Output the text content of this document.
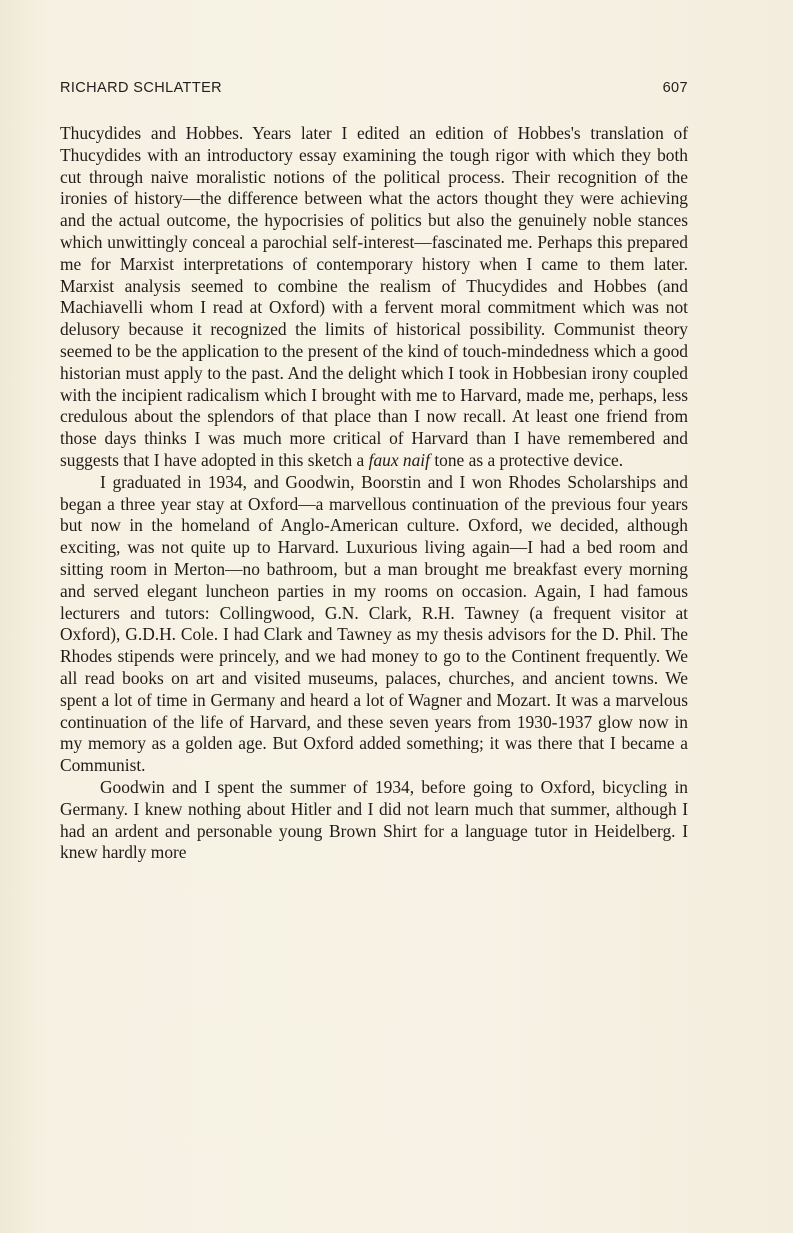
RICHARD SCHLATTER	607

Thucydides and Hobbes. Years later I edited an edition of Hobbes's translation of Thucydides with an introductory essay examining the tough rigor with which they both cut through naive moralistic notions of the political process. Their recognition of the ironies of history—the difference between what the actors thought they were achieving and the actual outcome, the hypocrisies of politics but also the genuinely noble stances which unwittingly conceal a parochial self-interest—fascinated me. Perhaps this prepared me for Marxist interpretations of contemporary history when I came to them later. Marxist analysis seemed to combine the realism of Thucydides and Hobbes (and Machiavelli whom I read at Oxford) with a fervent moral commitment which was not delusory because it recognized the limits of historical possibility. Communist theory seemed to be the application to the present of the kind of touch-mindedness which a good historian must apply to the past. And the delight which I took in Hobbesian irony coupled with the incipient radicalism which I brought with me to Harvard, made me, perhaps, less credulous about the splendors of that place than I now recall. At least one friend from those days thinks I was much more critical of Harvard than I have remembered and suggests that I have adopted in this sketch a faux naif tone as a protective device.

I graduated in 1934, and Goodwin, Boorstin and I won Rhodes Scholarships and began a three year stay at Oxford—a marvellous continuation of the previous four years but now in the homeland of Anglo-American culture. Oxford, we decided, although exciting, was not quite up to Harvard. Luxurious living again—I had a bed room and sitting room in Merton—no bathroom, but a man brought me breakfast every morning and served elegant luncheon parties in my rooms on occasion. Again, I had famous lecturers and tutors: Collingwood, G.N. Clark, R.H. Tawney (a frequent visitor at Oxford), G.D.H. Cole. I had Clark and Tawney as my thesis advisors for the D. Phil. The Rhodes stipends were princely, and we had money to go to the Continent frequently. We all read books on art and visited museums, palaces, churches, and ancient towns. We spent a lot of time in Germany and heard a lot of Wagner and Mozart. It was a marvelous continuation of the life of Harvard, and these seven years from 1930-1937 glow now in my memory as a golden age. But Oxford added something; it was there that I became a Communist.

Goodwin and I spent the summer of 1934, before going to Oxford, bicycling in Germany. I knew nothing about Hitler and I did not learn much that summer, although I had an ardent and personable young Brown Shirt for a language tutor in Heidelberg. I knew hardly more
